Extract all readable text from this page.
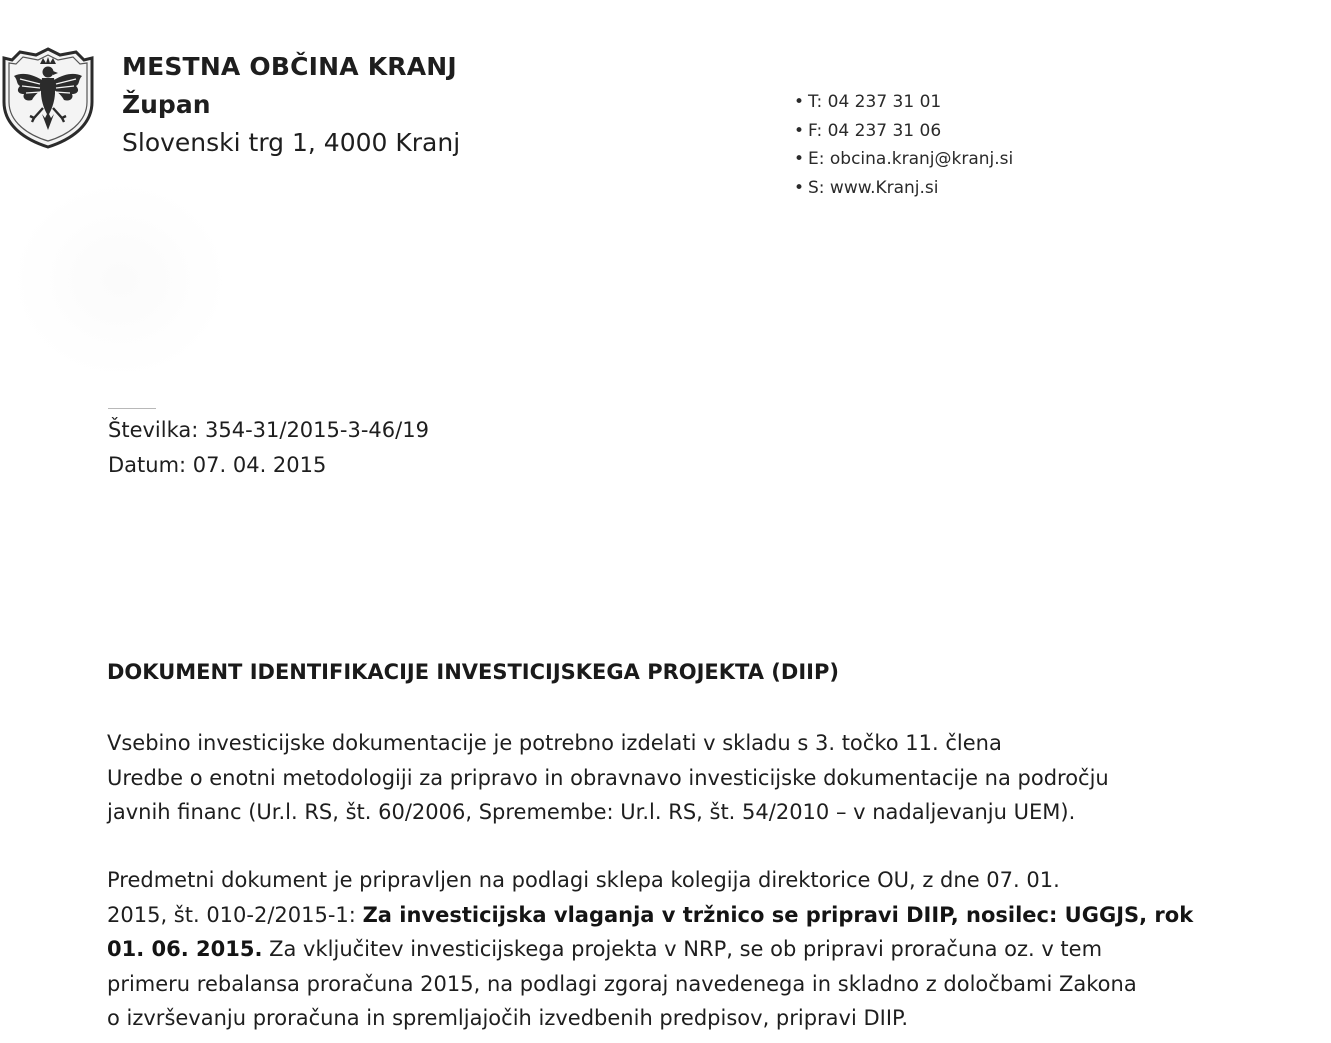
MESTNA OBČINA KRANJ
Župan
Slovenski trg 1, 4000 Kranj
• T: 04 237 31 01
• F: 04 237 31 06
• E: obcina.kranj@kranj.si
• S: www.Kranj.si
Številka: 354-31/2015-3-46/19
Datum: 07. 04. 2015
DOKUMENT IDENTIFIKACIJE INVESTICIJSKEGA PROJEKTA (DIIP)

Vsebino investicijske dokumentacije je potrebno izdelati v skladu s 3. točko 11. člena
Uredbe o enotni metodologiji za pripravo in obravnavo investicijske dokumentacije na področju
javnih financ (Ur.l. RS, št. 60/2006, Spremembe: Ur.l. RS, št. 54/2010 – v nadaljevanju UEM).

Predmetni dokument je pripravljen na podlagi sklepa kolegija direktorice OU, z dne 07. 01.
2015, št. 010-2/2015-1: Za investicijska vlaganja v tržnico se pripravi DIIP, nosilec: UGGJS, rok
01. 06. 2015. Za vključitev investicijskega projekta v NRP, se ob pripravi proračuna oz. v tem
primeru rebalansa proračuna 2015, na podlagi zgoraj navedenega in skladno z določbami Zakona
o izvrševanju proračuna in spremljajočih izvedbenih predpisov, pripravi DIIP.
